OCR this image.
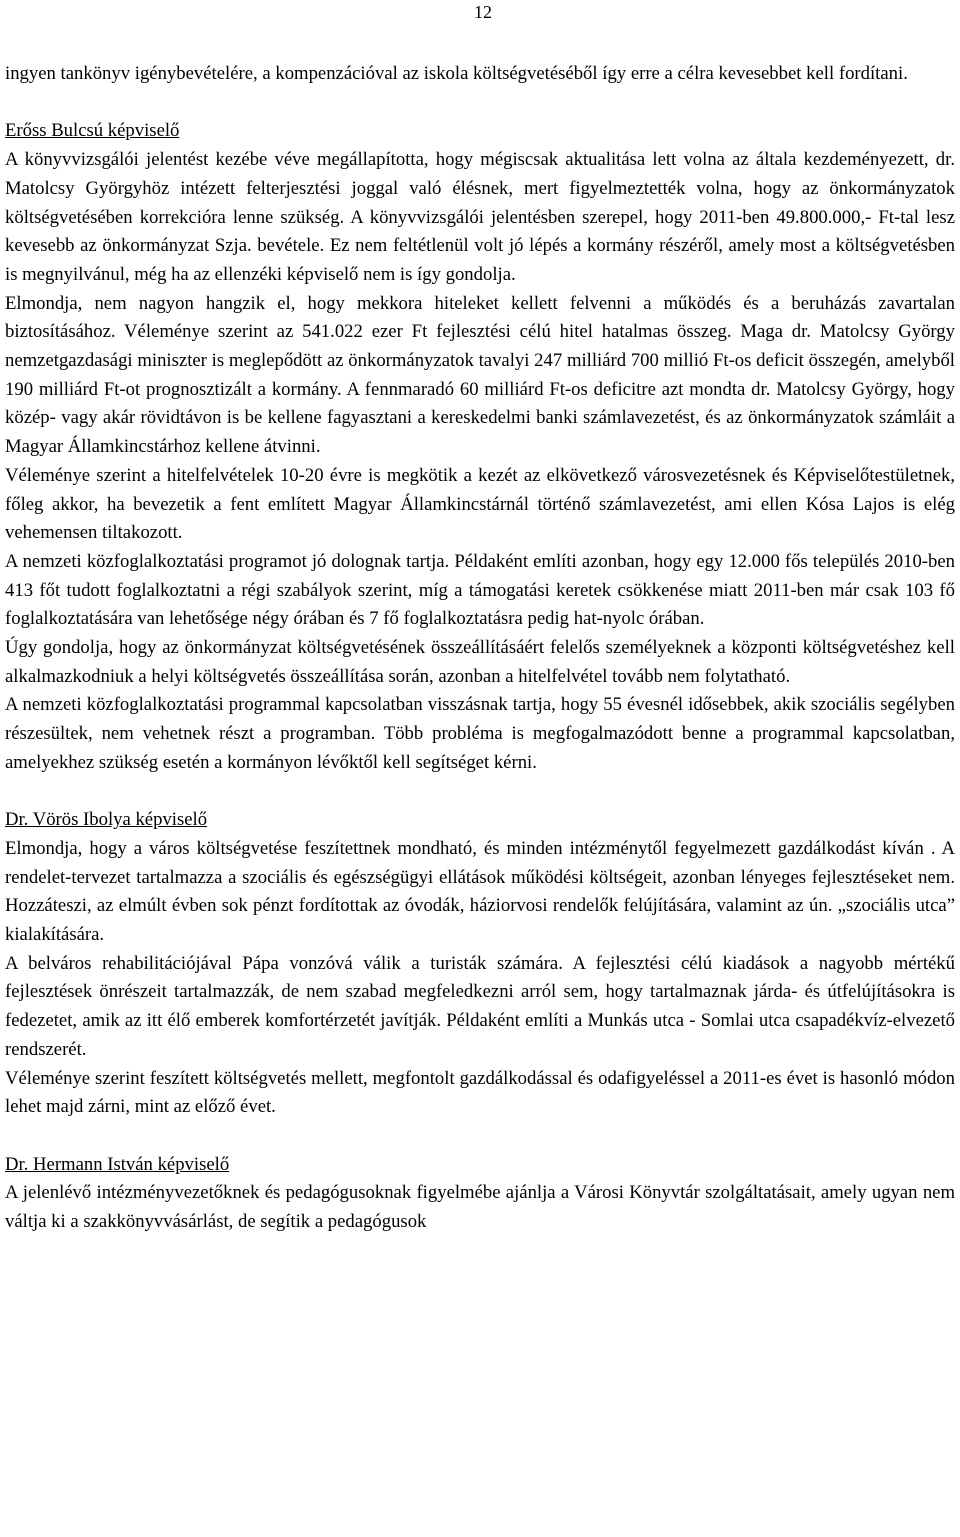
12

ingyen tankönyv igénybevételére, a kompenzációval az iskola költségvetéséből így erre a célra kevesebbet kell fordítani.

Erőss Bulcsú képviselő

A könyvvizsgálói jelentést kezébe véve megállapította, hogy mégiscsak aktualitása lett volna az általa kezdeményezett, dr. Matolcsy Györgyhöz intézett felterjesztési joggal való élésnek, mert figyelmeztették volna, hogy az önkormányzatok költségvetésében korrekcióra lenne szükség. A könyvvizsgálói jelentésben szerepel, hogy 2011-ben 49.800.000,- Ft-tal lesz kevesebb az önkormányzat Szja. bevétele. Ez nem feltétlenül volt jó lépés a kormány részéről, amely most a költségvetésben is megnyilvánul, még ha az ellenzéki képviselő nem is így gondolja.

Elmondja, nem nagyon hangzik el, hogy mekkora hiteleket kellett felvenni a működés és a beruházás zavartalan biztosításához. Véleménye szerint az 541.022 ezer Ft fejlesztési célú hitel hatalmas összeg. Maga dr. Matolcsy György nemzetgazdasági miniszter is meglepődött az önkormányzatok tavalyi 247 milliárd 700 millió Ft-os deficit összegén, amelyből 190 milliárd Ft-ot prognosztizált a kormány. A fennmaradó 60 milliárd Ft-os deficitre azt mondta dr. Matolcsy György, hogy közép- vagy akár rövidtávon is be kellene fagyasztani a kereskedelmi banki számlavezetést, és az önkormányzatok számláit a Magyar Államkincstárhoz kellene átvinni.

Véleménye szerint a hitelfelvételek 10-20 évre is megkötik a kezét az elkövetkező városvezetésnek és Képviselőtestületnek, főleg akkor, ha bevezetik a fent említett Magyar Államkincstárnál történő számlavezetést, ami ellen Kósa Lajos is elég vehemensen tiltakozott.

A nemzeti közfoglalkoztatási programot jó dolognak tartja. Példaként említi azonban, hogy egy 12.000 fős település 2010-ben 413 főt tudott foglalkoztatni a régi szabályok szerint, míg a támogatási keretek csökkenése miatt 2011-ben már csak 103 fő foglalkoztatására van lehetősége négy órában és 7 fő foglalkoztatásra pedig hat-nyolc órában.

Úgy gondolja, hogy az önkormányzat költségvetésének összeállításáért felelős személyeknek a központi költségvetéshez kell alkalmazkodniuk a helyi költségvetés összeállítása során, azonban a hitelfelvétel tovább nem folytatható.

A nemzeti közfoglalkoztatási programmal kapcsolatban visszásnak tartja, hogy 55 évesnél idősebbek, akik szociális segélyben részesültek, nem vehetnek részt a programban. Több probléma is megfogalmazódott benne a programmal kapcsolatban, amelyekhez szükség esetén a kormányon lévőktől kell segítséget kérni.

Dr. Vörös Ibolya képviselő

Elmondja, hogy a város költségvetése feszítettnek mondható, és minden intézménytől fegyelmezett gazdálkodást kíván . A rendelet-tervezet tartalmazza a szociális és egészségügyi ellátások működési költségeit, azonban lényeges fejlesztéseket nem. Hozzáteszi, az elmúlt évben sok pénzt fordítottak az óvodák, háziorvosi rendelők felújítására, valamint az ún. „szociális utca” kialakítására.

A belváros rehabilitációjával Pápa vonzóvá válik a turisták számára. A fejlesztési célú kiadások a nagyobb mértékű fejlesztések önrészeit tartalmazzák, de nem szabad megfeledkezni arról sem, hogy tartalmaznak járda- és útfelújításokra is fedezetet, amik az itt élő emberek komfortérzetét javítják. Példaként említi a Munkás utca - Somlai utca csapadékvíz-elvezető rendszerét.

Véleménye szerint feszített költségvetés mellett, megfontolt gazdálkodással és odafigyeléssel a 2011-es évet is hasonló módon lehet majd zárni, mint az előző évet.

Dr. Hermann István képviselő

A jelenlévő intézményvezetőknek és pedagógusoknak figyelmébe ajánlja a Városi Könyvtár szolgáltatásait, amely ugyan nem váltja ki a szakkönyvvásárlást, de segítik a pedagógusok
